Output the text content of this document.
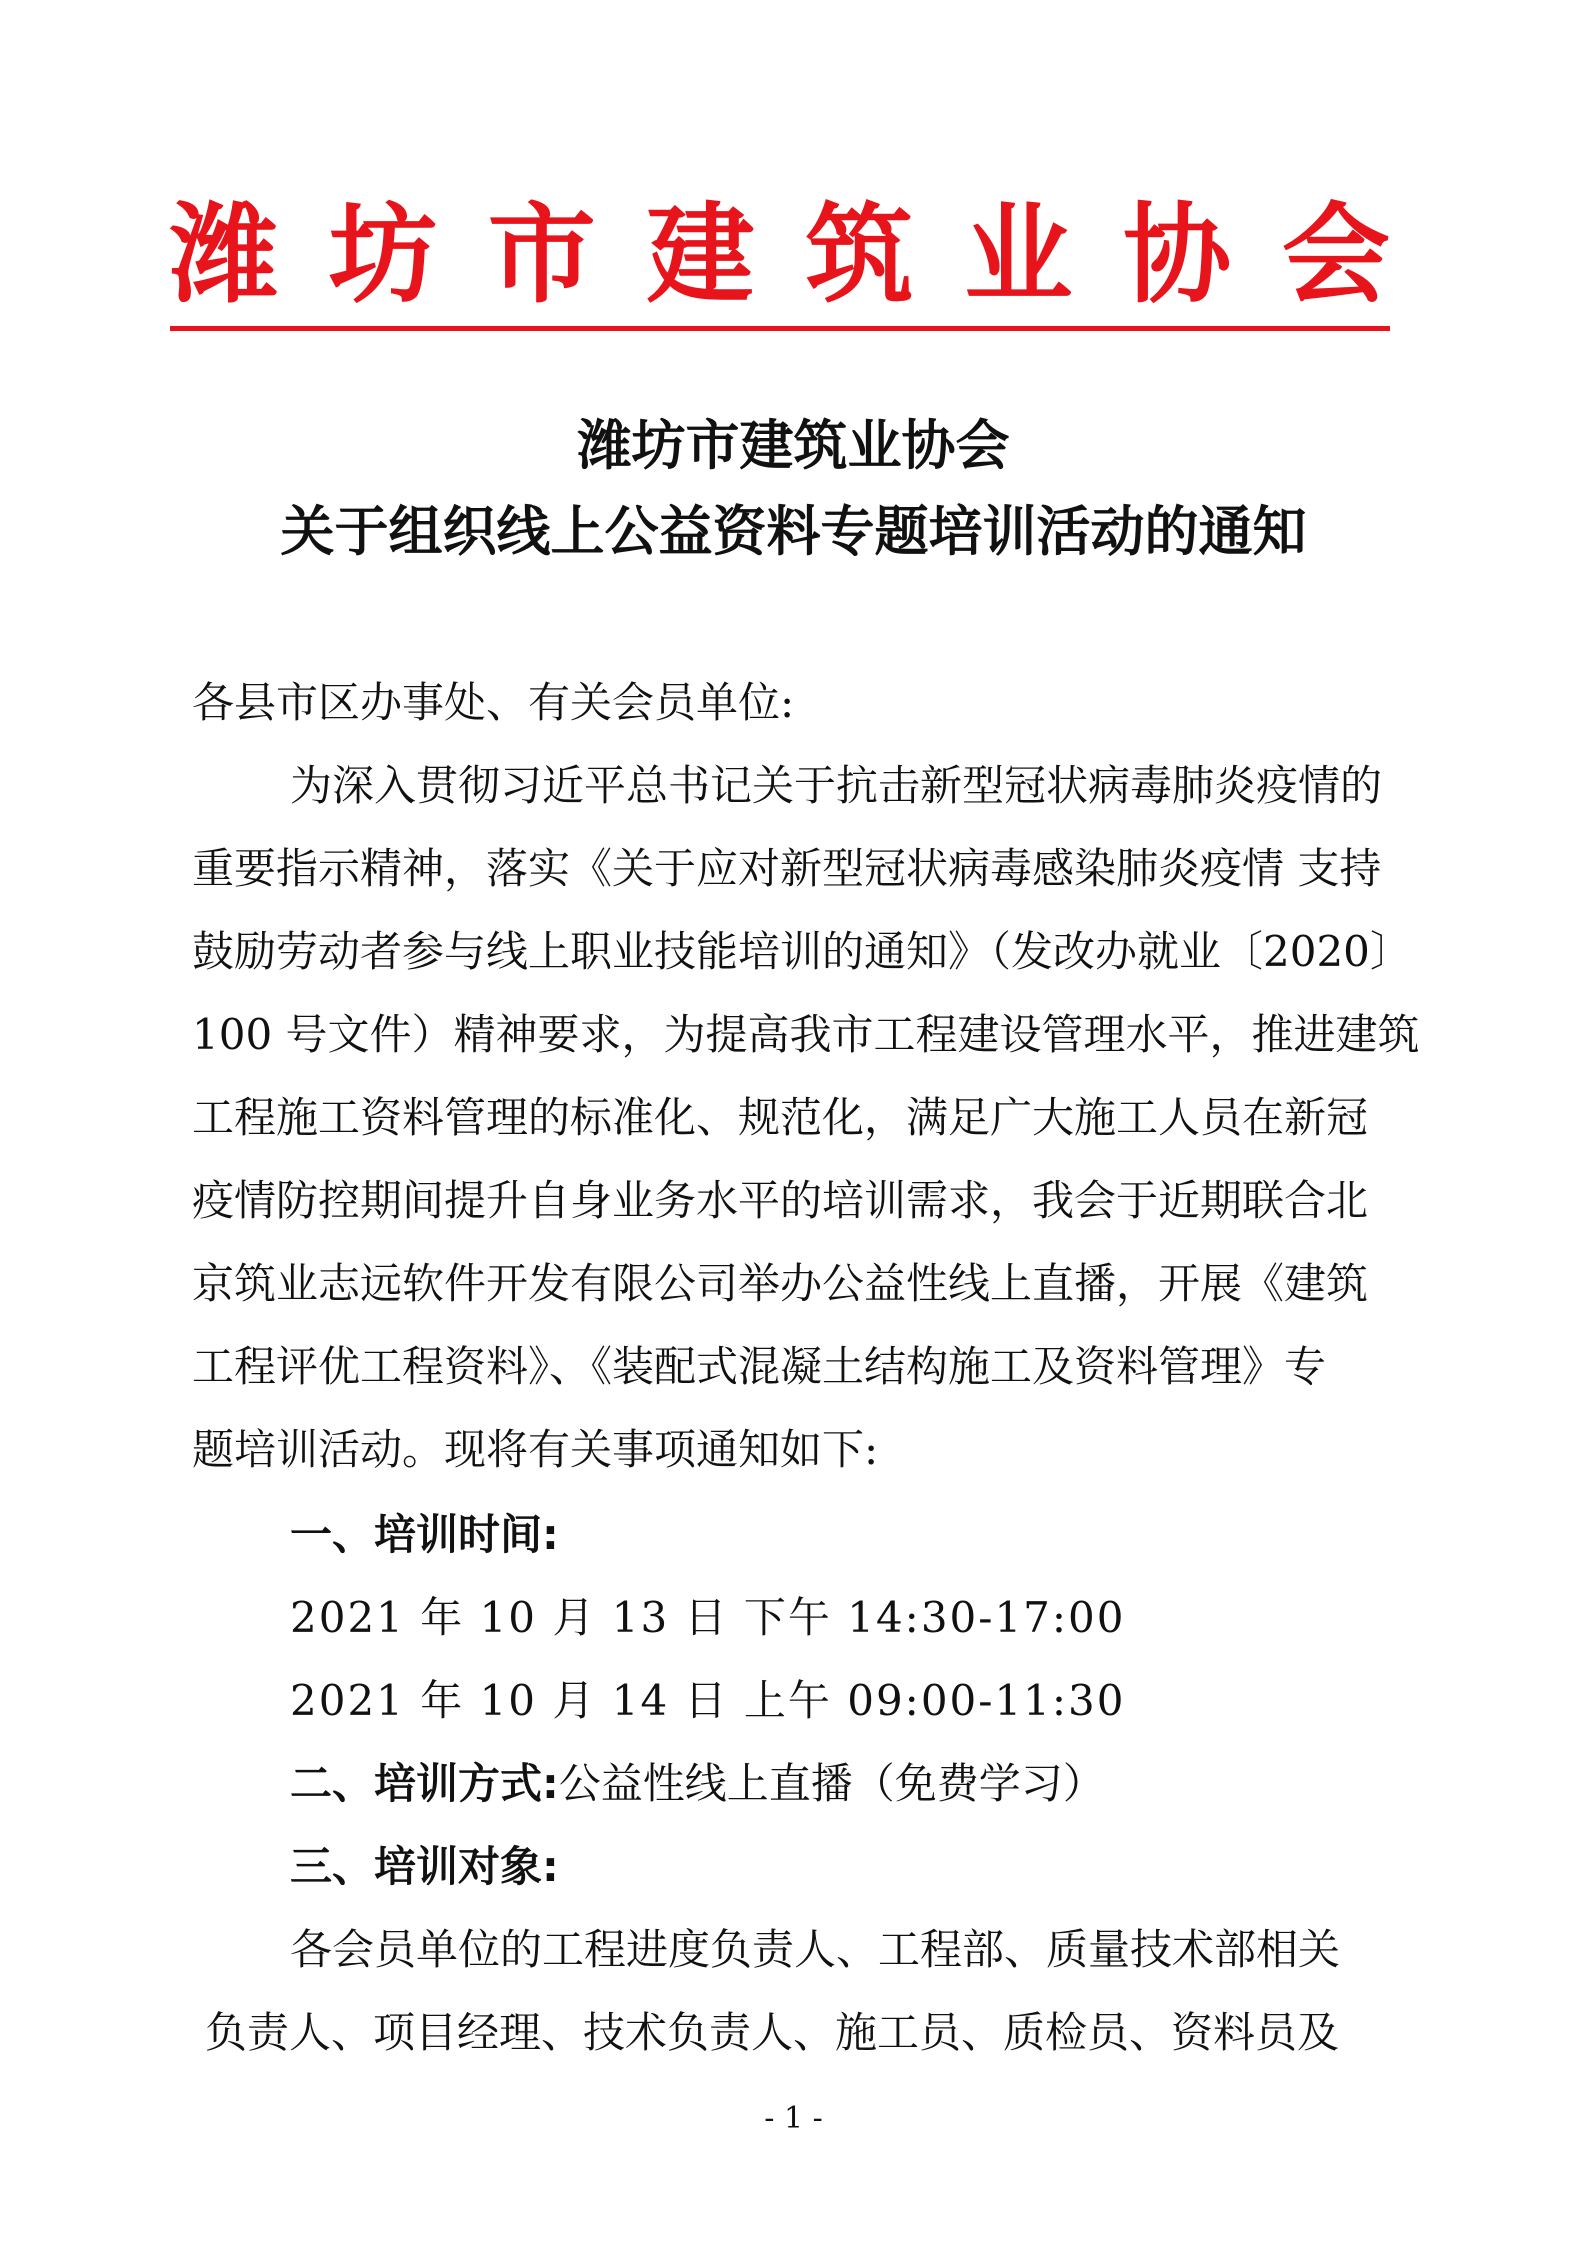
潍 坊 市 建 筑 业 协 会
潍坊市建筑业协会
关于组织线上公益资料专题培训活动的通知
各县市区办事处、有关会员单位:
为深入贯彻习近平总书记关于抗击新型冠状病毒肺炎疫情的
重要指示精神，落实《关于应对新型冠状病毒感染肺炎疫情 支持
鼓励劳动者参与线上职业技能培训的通知》（发改办就业〔2020〕
100 号文件）精神要求，为提高我市工程建设管理水平，推进建筑
工程施工资料管理的标准化、规范化，满足广大施工人员在新冠
疫情防控期间提升自身业务水平的培训需求，我会于近期联合北
京筑业志远软件开发有限公司举办公益性线上直播，开展《建筑
工程评优工程资料》、《装配式混凝土结构施工及资料管理》专
题培训活动。现将有关事项通知如下:
一、培训时间:
2021 年 10 月 13 日 下午 14:30-17:00
2021 年 10 月 14 日 上午 09:00-11:30
二、培训方式:公益性线上直播（免费学习）
三、培训对象:
各会员单位的工程进度负责人、工程部、质量技术部相关
负责人、项目经理、技术负责人、施工员、质检员、资料员及
- 1 -
